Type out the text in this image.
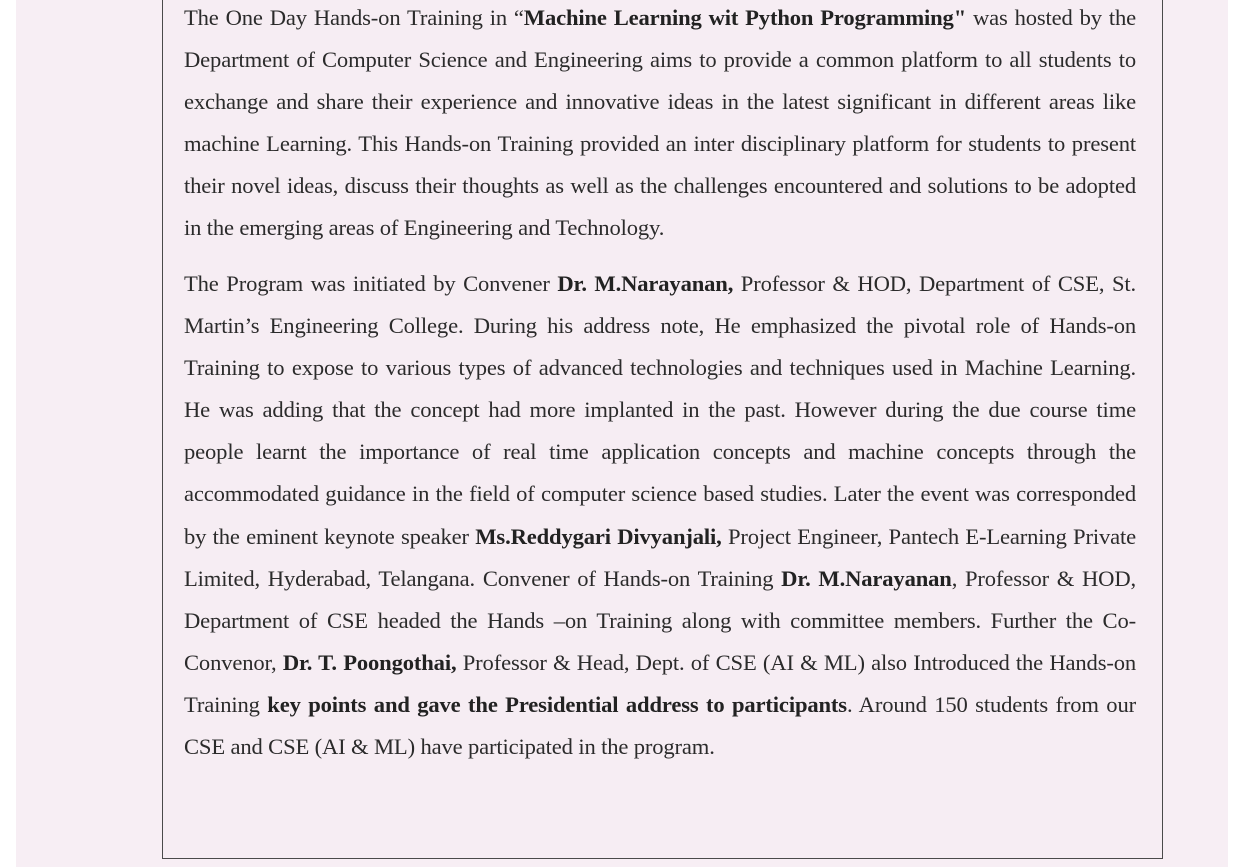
The One Day Hands-on Training in “Machine Learning wit Python Programming" was hosted by the Department of Computer Science and Engineering aims to provide a common platform to all students to exchange and share their experience and innovative ideas in the latest significant in different areas like machine Learning. This Hands-on Training provided an inter disciplinary platform for students to present their novel ideas, discuss their thoughts as well as the challenges encountered and solutions to be adopted in the emerging areas of Engineering and Technology.

The Program was initiated by Convener Dr. M.Narayanan, Professor & HOD, Department of CSE, St. Martin’s Engineering College. During his address note, He emphasized the pivotal role of Hands-on Training to expose to various types of advanced technologies and techniques used in Machine Learning. He was adding that the concept had more implanted in the past. However during the due course time people learnt the importance of real time application concepts and machine concepts through the accommodated guidance in the field of computer science based studies. Later the event was corresponded by the eminent keynote speaker Ms.Reddygari Divyanjali, Project Engineer, Pantech E-Learning Private Limited, Hyderabad, Telangana. Convener of Hands-on Training Dr. M.Narayanan, Professor & HOD, Department of CSE headed the Hands –on Training along with committee members. Further the Co-Convenor, Dr. T. Poongothai, Professor & Head, Dept. of CSE (AI & ML) also Introduced the Hands-on Training key points and gave the Presidential address to participants. Around 150 students from our CSE and CSE (AI & ML) have participated in the program.
